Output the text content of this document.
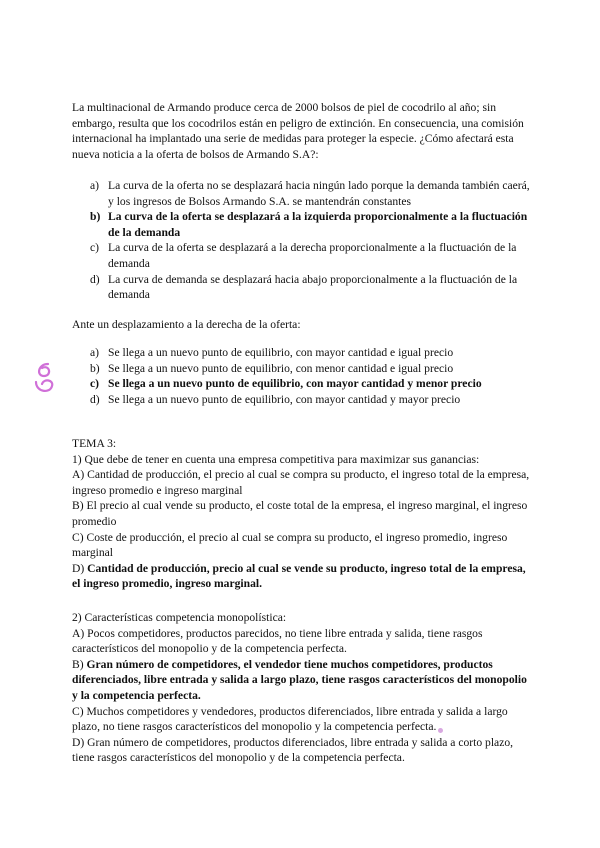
La multinacional de Armando produce cerca de 2000 bolsos de piel de cocodrilo al año; sin embargo, resulta que los cocodrilos están en peligro de extinción. En consecuencia, una comisión internacional ha implantado una serie de medidas para proteger la especie. ¿Cómo afectará esta nueva noticia a la oferta de bolsos de Armando S.A?:

a) La curva de la oferta no se desplazará hacia ningún lado porque la demanda también caerá, y los ingresos de Bolsos Armando S.A. se mantendrán constantes
b) La curva de la oferta se desplazará a la izquierda proporcionalmente a la fluctuación de la demanda
c) La curva de la oferta se desplazará a la derecha proporcionalmente a la fluctuación de la demanda
d) La curva de demanda se desplazará hacia abajo proporcionalmente a la fluctuación de la demanda

Ante un desplazamiento a la derecha de la oferta:

a) Se llega a un nuevo punto de equilibrio, con mayor cantidad e igual precio
b) Se llega a un nuevo punto de equilibrio, con menor cantidad e igual precio
c) Se llega a un nuevo punto de equilibrio, con mayor cantidad y menor precio
d) Se llega a un nuevo punto de equilibrio, con mayor cantidad y mayor precio

TEMA 3:

1) Que debe de tener en cuenta una empresa competitiva para maximizar sus ganancias:

A) Cantidad de producción, el precio al cual se compra su producto, el ingreso total de la empresa, ingreso promedio e ingreso marginal

B) El precio al cual vende su producto, el coste total de la empresa, el ingreso marginal, el ingreso promedio

C) Coste de producción, el precio al cual se compra su producto, el ingreso promedio, ingreso marginal

D) Cantidad de producción, precio al cual se vende su producto, ingreso total de la empresa, el ingreso promedio, ingreso marginal.

2) Características competencia monopolística:

A) Pocos competidores, productos parecidos, no tiene libre entrada y salida, tiene rasgos característicos del monopolio y de la competencia perfecta.

B) Gran número de competidores, el vendedor tiene muchos competidores, productos diferenciados, libre entrada y salida a largo plazo, tiene rasgos característicos del monopolio y la competencia perfecta.

C) Muchos competidores y vendedores, productos diferenciados, libre entrada y salida a largo plazo, no tiene rasgos característicos del monopolio y la competencia perfecta.

D) Gran número de competidores, productos diferenciados, libre entrada y salida a corto plazo, tiene rasgos característicos del monopolio y de la competencia perfecta.
